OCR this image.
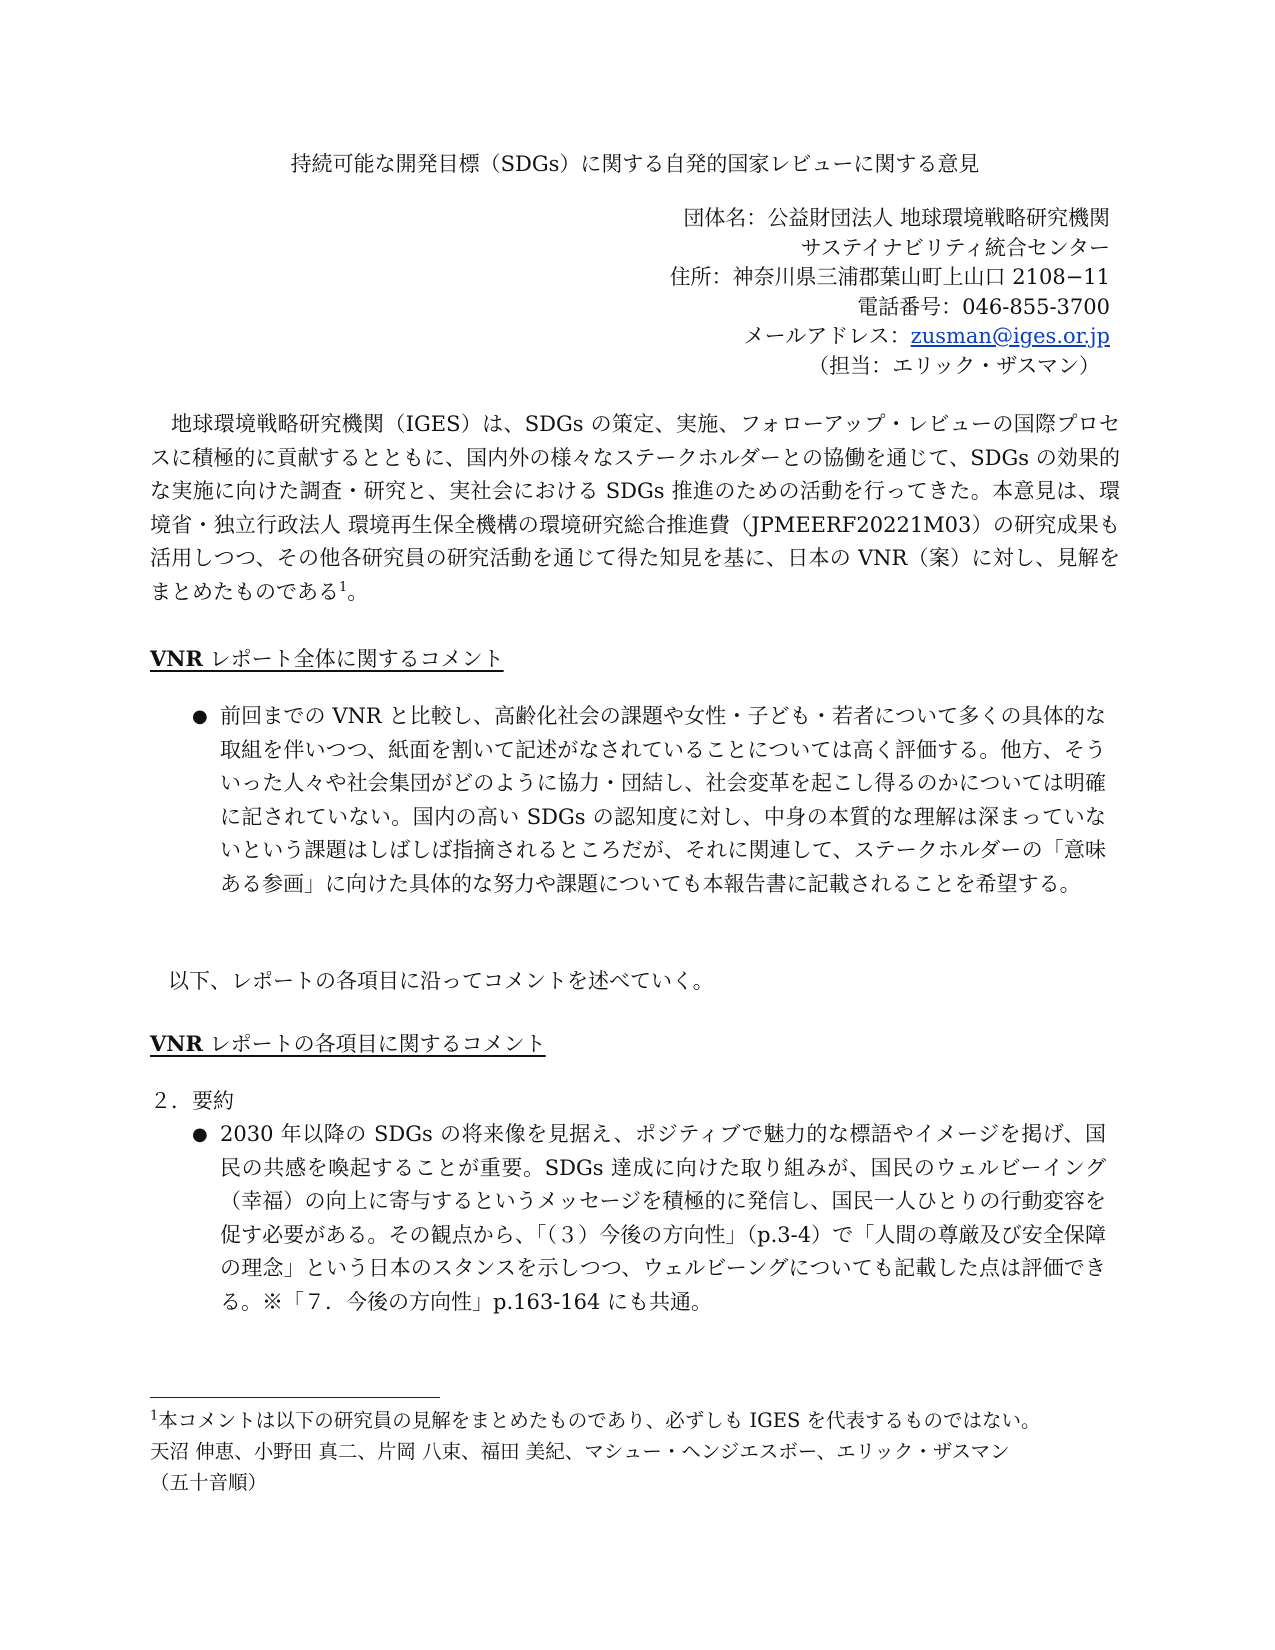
持続可能な開発目標（SDGs）に関する自発的国家レビューに関する意見
団体名：公益財団法人 地球環境戦略研究機関
サステイナビリティ統合センター
住所：神奈川県三浦郡葉山町上山口 2108−11
電話番号：046-855-3700
メールアドレス：zusman@iges.or.jp
（担当：エリック・ザスマン）
地球環境戦略研究機関（IGES）は、SDGs の策定、実施、フォローアップ・レビューの国際プロセスに積極的に貢献するとともに、国内外の様々なステークホルダーとの協働を通じて、SDGs の効果的な実施に向けた調査・研究と、実社会における SDGs 推進のための活動を行ってきた。本意見は、環境省・独立行政法人 環境再生保全機構の環境研究総合推進費（JPMEERF20221M03）の研究成果も活用しつつ、その他各研究員の研究活動を通じて得た知見を基に、日本の VNR（案）に対し、見解をまとめたものである$^1$。
VNR レポート全体に関するコメント
● 前回までの VNR と比較し、高齢化社会の課題や女性・子ども・若者について多くの具体的な取組を伴いつつ、紙面を割いて記述がなされていることについては高く評価する。他方、そういった人々や社会集団がどのように協力・団結し、社会変革を起こし得るのかについては明確に記されていない。国内の高い SDGs の認知度に対し、中身の本質的な理解は深まっていないという課題はしばしば指摘されるところだが、それに関連して、ステークホルダーの「意味ある参画」に向けた具体的な努力や課題についても本報告書に記載されることを希望する。
以下、レポートの各項目に沿ってコメントを述べていく。
VNR レポートの各項目に関するコメント
２．要約
● 2030 年以降の SDGs の将来像を見据え、ポジティブで魅力的な標語やイメージを掲げ、国民の共感を喚起することが重要。SDGs 達成に向けた取り組みが、国民のウェルビーイング（幸福）の向上に寄与するというメッセージを積極的に発信し、国民一人ひとりの行動変容を促す必要がある。その観点から、「（３）今後の方向性」（p.3-4）で「人間の尊厳及び安全保障の理念」という日本のスタンスを示しつつ、ウェルビーングについても記載した点は評価できる。※「７．今後の方向性」p.163-164 にも共通。
$^1$本コメントは以下の研究員の見解をまとめたものであり、必ずしも IGES を代表するものではない。
天沼 伸恵、小野田 真二、片岡 八束、福田 美紀、マシュー・ヘンジエスボー、エリック・ザスマン
（五十音順）
